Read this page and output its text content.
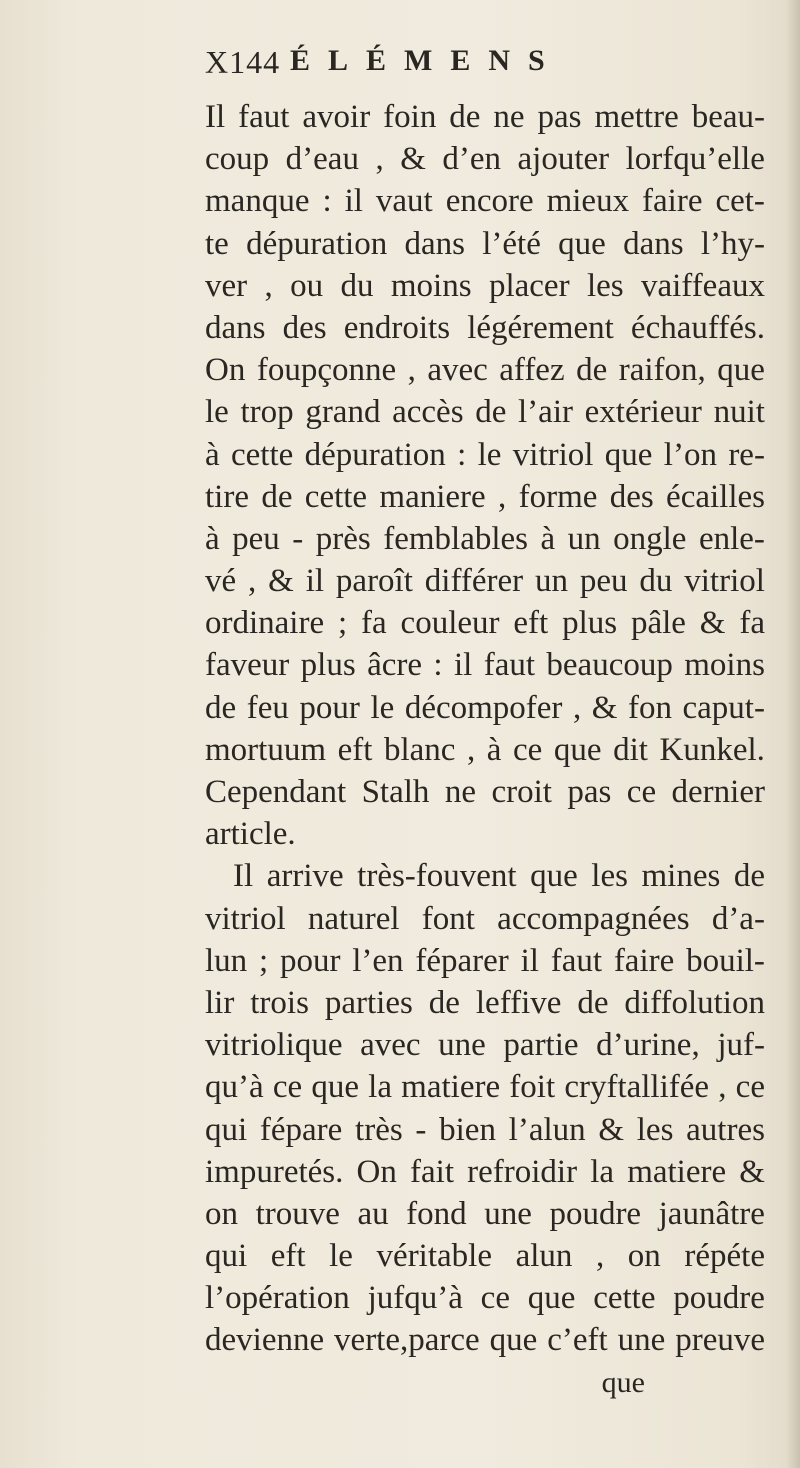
Χ144 ÉLÉMENS
Il faut avoir foin de ne pas mettre beau-
coup d’eau , & d’en ajouter lorfqu’elle
manque : il vaut encore mieux faire cet-
te dépuration dans l’été que dans l’hy-
ver , ou du moins placer les vaiffeaux
dans des endroits légérement échauffés.
On foupçonne , avec affez de raifon, que
le trop grand accès de l’air extérieur nuit
à cette dépuration : le vitriol que l’on re-
tire de cette maniere , forme des écailles
à peu - près femblables à un ongle enle-
vé , & il paroît différer un peu du vitriol
ordinaire ; fa couleur eft plus pâle & fa
faveur plus âcre : il faut beaucoup moins
de feu pour le décompofer , & fon caput-
mortuum eft blanc , à ce que dit Kunkel.
Cependant Stalh ne croit pas ce dernier
article.
Il arrive très-fouvent que les mines de
vitriol naturel font accompagnées d’a-
lun ; pour l’en féparer il faut faire bouil-
lir trois parties de leffive de diffolution
vitriolique avec une partie d’urine, juf-
qu’à ce que la matiere foit cryftallifée , ce
qui fépare très - bien l’alun & les autres
impuretés. On fait refroidir la matiere &
on trouve au fond une poudre jaunâtre
qui eft le véritable alun , on répéte
l’opération jufqu’à ce que cette poudre
devienne verte,parce que c’eft une preuve
que
